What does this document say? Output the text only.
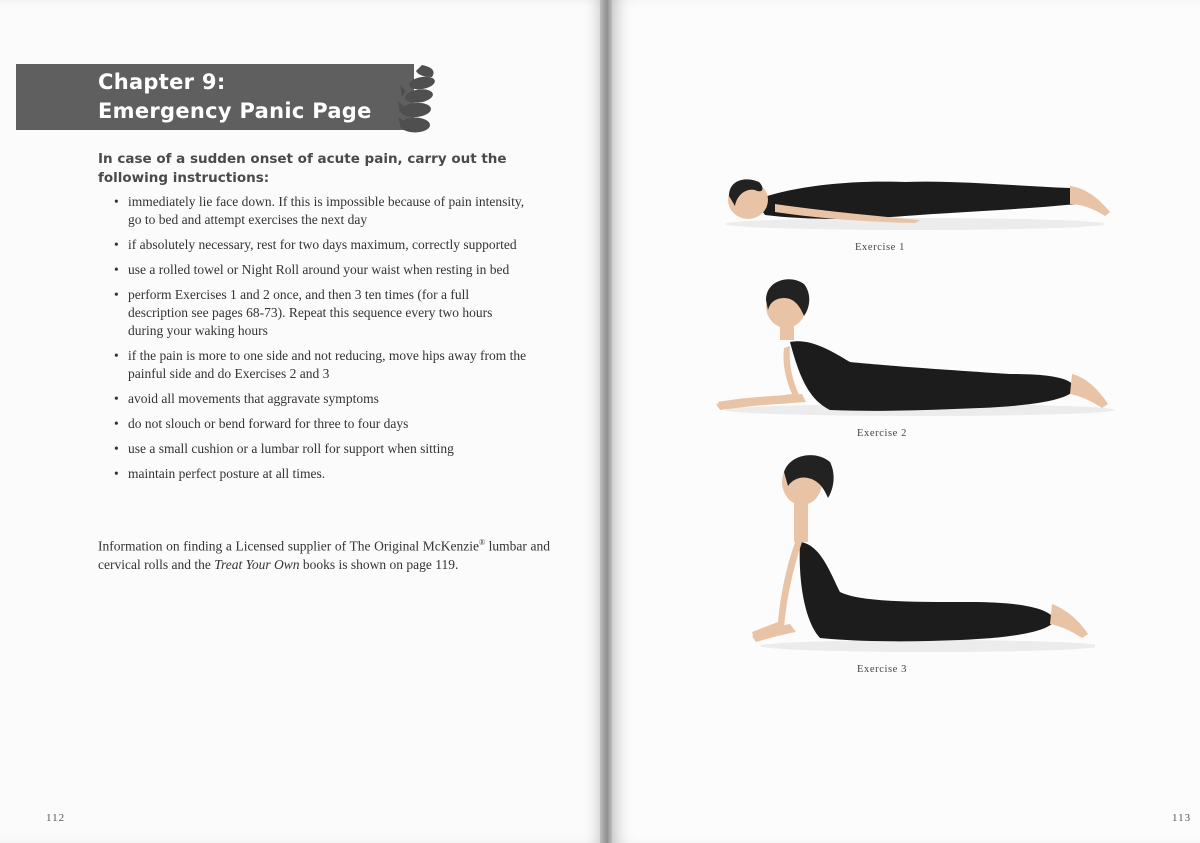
Chapter 9:
Emergency Panic Page

In case of a sudden onset of acute pain, carry out the following instructions:

• immediately lie face down. If this is impossible because of pain intensity, go to bed and attempt exercises the next day
• if absolutely necessary, rest for two days maximum, correctly supported
• use a rolled towel or Night Roll around your waist when resting in bed
• perform Exercises 1 and 2 once, and then 3 ten times (for a full description see pages 68-73). Repeat this sequence every two hours during your waking hours
• if the pain is more to one side and not reducing, move hips away from the painful side and do Exercises 2 and 3
• avoid all movements that aggravate symptoms
• do not slouch or bend forward for three to four days
• use a small cushion or a lumbar roll for support when sitting
• maintain perfect posture at all times.

Information on finding a Licensed supplier of The Original McKenzie® lumbar and cervical rolls and the Treat Your Own books is shown on page 119.

112
Exercise 1
Exercise 2
Exercise 3
113
